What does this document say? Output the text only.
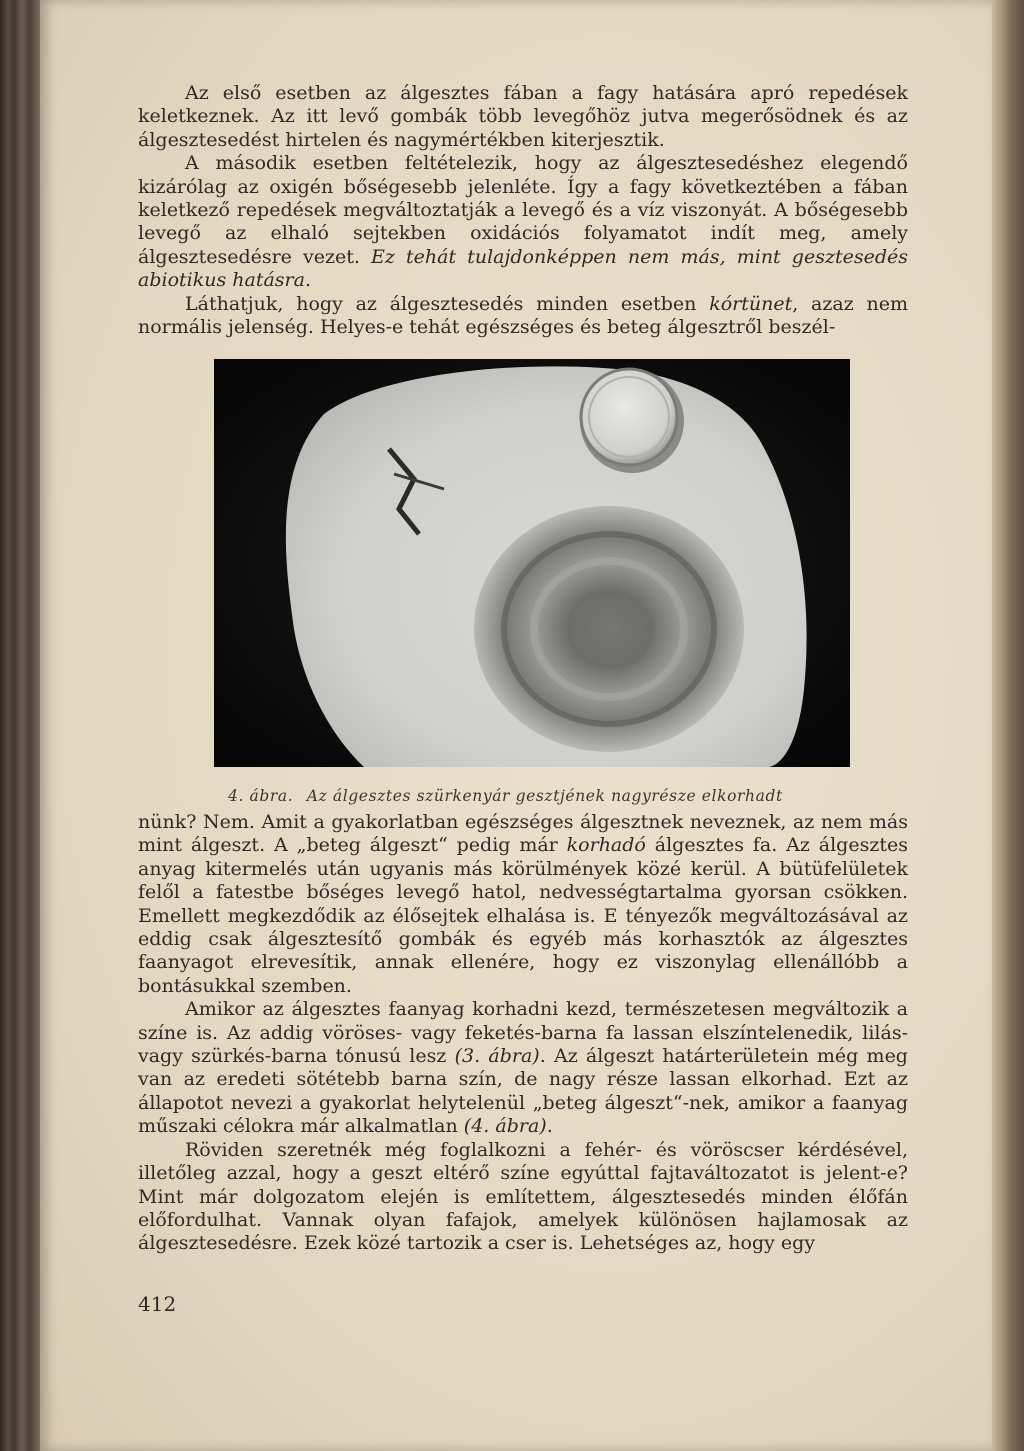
Az első esetben az álgesztes fában a fagy hatására apró repedések keletkeznek. Az itt levő gombák több levegőhöz jutva megerősödnek és az álgesztesedést hirtelen és nagymértékben kiterjesztik.

A második esetben feltételezik, hogy az álgesztesedéshez elegendő kizárólag az oxigén bőségesebb jelenléte. Így a fagy következtében a fában keletkező repedések megváltoztatják a levegő és a víz viszonyát. A bőségesebb levegő az elhaló sejtekben oxidációs folyamatot indít meg, amely álgesztesedésre vezet. Ez tehát tulajdonképpen nem más, mint gesztesedés abiotikus hatásra.

Láthatjuk, hogy az álgesztesedés minden esetben kórtünet, azaz nem normális jelenség. Helyes-e tehát egészséges és beteg álgesztről beszél-

4. ábra. Az álgesztes szürkenyár gesztjének nagyrésze elkorhadt

nünk? Nem. Amit a gyakorlatban egészséges álgesztnek neveznek, az nem más mint álgeszt. A „beteg álgeszt“ pedig már korhadó álgesztes fa. Az álgesztes anyag kitermelés után ugyanis más körülmények közé kerül. A bütüfelületek felől a fatestbe bőséges levegő hatol, nedvességtartalma gyorsan csökken. Emellett megkezdődik az élősejtek elhalása is. E tényezők megváltozásával az eddig csak álgesztesítő gombák és egyéb más korhasztók az álgesztes faanyagot elrevesítik, annak ellenére, hogy ez viszonylag ellenállóbb a bontásukkal szemben.

Amikor az álgesztes faanyag korhadni kezd, természetesen megváltozik a színe is. Az addig vöröses- vagy feketés-barna fa lassan elszíntelenedik, lilás- vagy szürkés-barna tónusú lesz (3. ábra). Az álgeszt határterületein még meg van az eredeti sötétebb barna szín, de nagy része lassan elkorhad. Ezt az állapotot nevezi a gyakorlat helytelenül „beteg álgeszt“-nek, amikor a faanyag műszaki célokra már alkalmatlan (4. ábra).

Röviden szeretnék még foglalkozni a fehér- és vöröscser kérdésével, illetőleg azzal, hogy a geszt eltérő színe egyúttal fajtaváltozatot is jelent-e? Mint már dolgozatom elején is említettem, álgesztesedés minden élőfán előfordulhat. Vannak olyan fafajok, amelyek különösen hajlamosak az álgesztesedésre. Ezek közé tartozik a cser is. Lehetséges az, hogy egy

412
